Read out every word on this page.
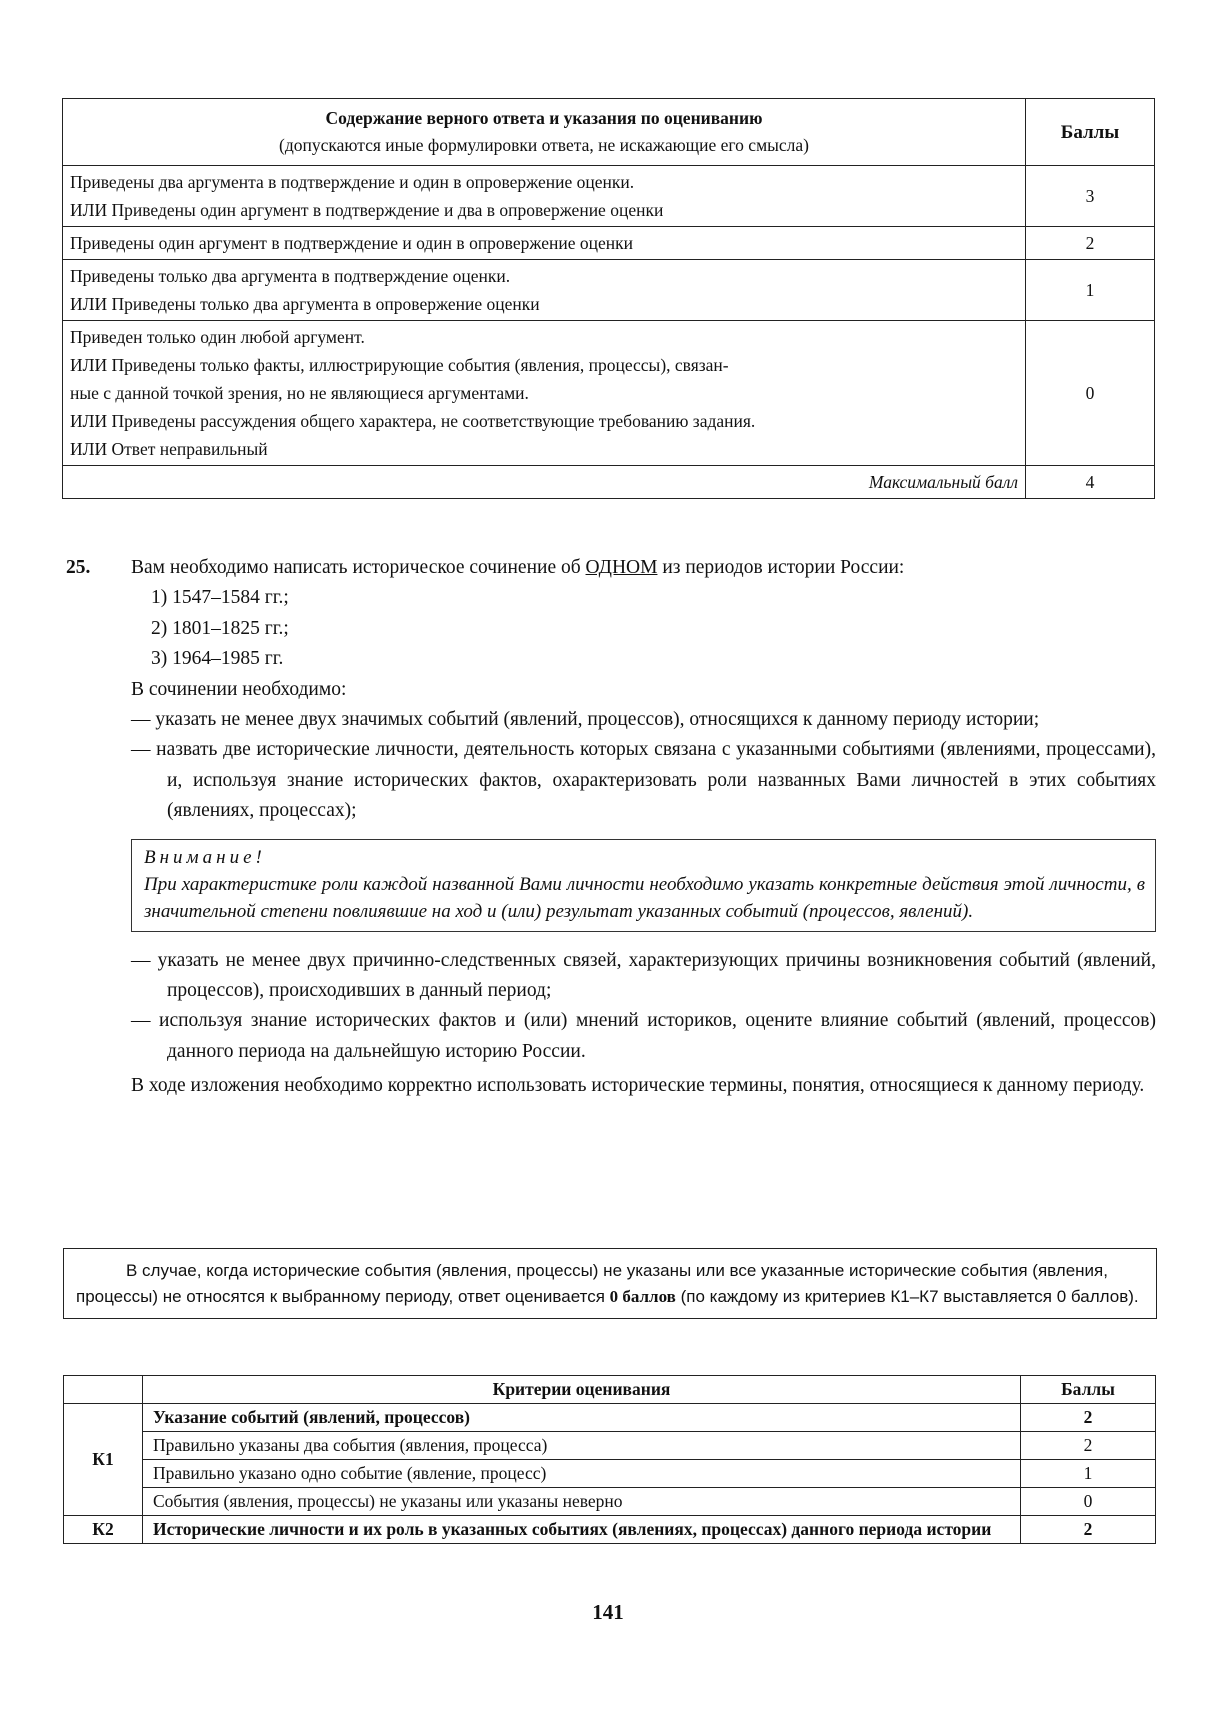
Содержание верного ответа и указания по оцениванию
(допускаются иные формулировки ответа, не искажающие его смысла)	Баллы

Приведены два аргумента в подтверждение и один в опровержение оценки.
ИЛИ Приведены один аргумент в подтверждение и два в опровержение оценки	3

Приведены один аргумент в подтверждение и один в опровержение оценки	2

Приведены только два аргумента в подтверждение оценки.
ИЛИ Приведены только два аргумента в опровержение оценки	1

Приведен только один любой аргумент.
ИЛИ Приведены только факты, иллюстрирующие события (явления, процессы), связан-
ные с данной точкой зрения, но не являющиеся аргументами.
ИЛИ Приведены рассуждения общего характера, не соответствующие требованию задания.
ИЛИ Ответ неправильный	0
Максимальный балл	4
25. Вам необходимо написать историческое сочинение об ОДНОМ из периодов истории России:
1) 1547–1584 гг.;
2) 1801–1825 гг.;
3) 1964–1985 гг.
В сочинении необходимо:
— указать не менее двух значимых событий (явлений, процессов), относящихся к данному периоду истории;
— назвать две исторические личности, деятельность которых связана с указанными событиями (явлениями, процессами), и, используя знание исторических фактов, охарактеризовать роли названных Вами личностей в этих событиях (явлениях, процессах);
Внимание!
При характеристике роли каждой названной Вами личности необходимо указать конкретные действия этой личности, в значительной степени повлиявшие на ход и (или) результат указанных событий (процессов, явлений).
— указать не менее двух причинно-следственных связей, характеризующих причины возникновения событий (явлений, процессов), происходивших в данный период;
— используя знание исторических фактов и (или) мнений историков, оцените влияние событий (явлений, процессов) данного периода на дальнейшую историю России.
В ходе изложения необходимо корректно использовать исторические термины, понятия, относящиеся к данному периоду.
В случае, когда исторические события (явления, процессы) не указаны или все указанные исторические события (явления, процессы) не относятся к выбранному периоду, ответ оценивается 0 баллов (по каждому из критериев К1–К7 выставляется 0 баллов).
	Критерии оценивания	Баллы
К1	Указание событий (явлений, процессов)	2
	Правильно указаны два события (явления, процесса)	2
	Правильно указано одно событие (явление, процесс)	1
	События (явления, процессы) не указаны или указаны неверно	0
К2	Исторические личности и их роль в указанных событиях (явлениях, процессах) данного периода истории	2
141
